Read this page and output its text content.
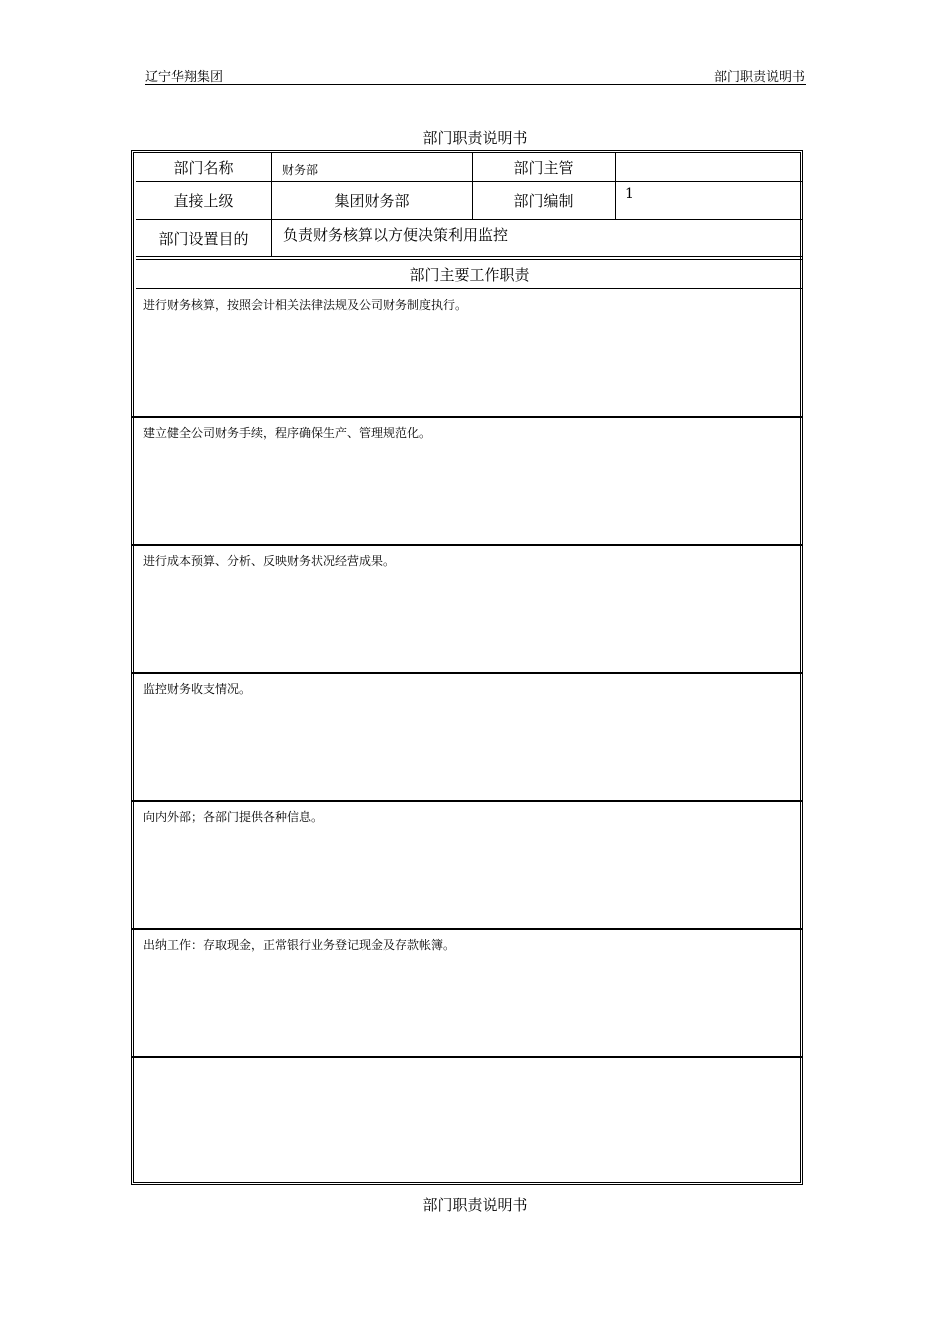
辽宁华翔集团	部门职责说明书
部门职责说明书
部门名称	财务部	部门主管
直接上级	集团财务部	部门编制	1
部门设置目的	负责财务核算以方便决策利用监控
部门主要工作职责
进行财务核算，按照会计相关法律法规及公司财务制度执行。
建立健全公司财务手续，程序确保生产、管理规范化。
进行成本预算、分析、反映财务状况经营成果。
监控财务收支情况。
向内外部；各部门提供各种信息。
出纳工作：存取现金，正常银行业务登记现金及存款帐簿。
部门职责说明书
